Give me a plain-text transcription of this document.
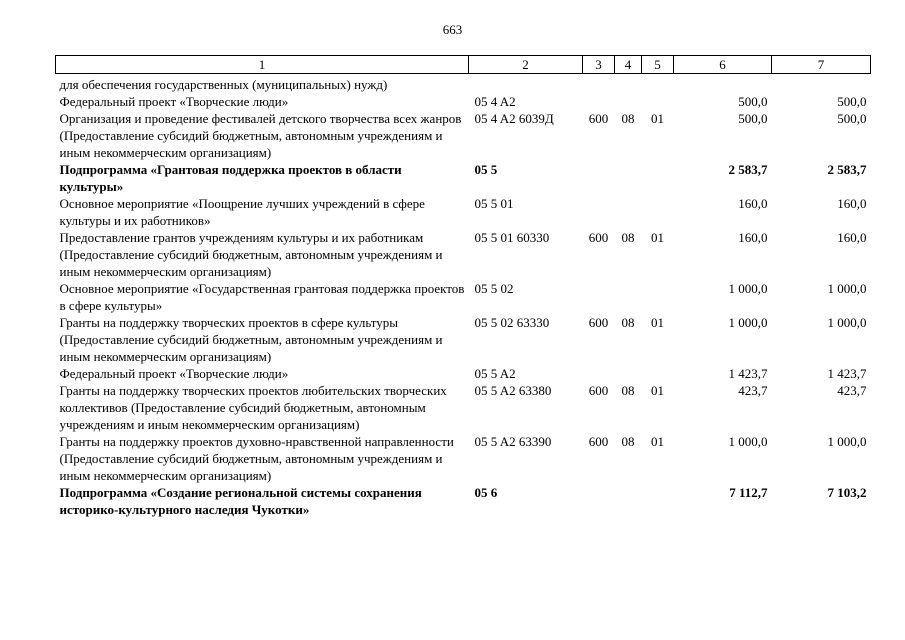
663
1	2	3	4	5	6	7
для обеспечения государственных (муниципальных) нужд)						
Федеральный проект «Творческие люди»	05 4 A2				500,0	500,0
Организация и проведение фестивалей детского творчества всех жанров (Предоставление субсидий бюджетным, автономным учреждениям и иным некоммерческим организациям)	05 4 A2 6039Д	600	08	01	500,0	500,0
Подпрограмма «Грантовая поддержка проектов в области культуры»	05 5				2 583,7	2 583,7
Основное мероприятие «Поощрение лучших учреждений в сфере культуры и их работников»	05 5 01				160,0	160,0
Предоставление грантов учреждениям культуры и их работникам (Предоставление субсидий бюджетным, автономным учреждениям и иным некоммерческим организациям)	05 5 01 60330	600	08	01	160,0	160,0
Основное мероприятие «Государственная грантовая поддержка проектов в сфере культуры»	05 5 02				1 000,0	1 000,0
Гранты на поддержку творческих проектов в сфере культуры (Предоставление субсидий бюджетным, автономным учреждениям и иным некоммерческим организациям)	05 5 02 63330	600	08	01	1 000,0	1 000,0
Федеральный проект «Творческие люди»	05 5 A2				1 423,7	1 423,7
Гранты на поддержку творческих проектов любительских творческих коллективов (Предоставление субсидий бюджетным, автономным учреждениям и иным некоммерческим организациям)	05 5 A2 63380	600	08	01	423,7	423,7
Гранты на поддержку проектов духовно-нравственной направленности (Предоставление субсидий бюджетным, автономным учреждениям и иным некоммерческим организациям)	05 5 A2 63390	600	08	01	1 000,0	1 000,0
Подпрограмма «Создание региональной системы сохранения историко-культурного наследия Чукотки»	05 6				7 112,7	7 103,2
